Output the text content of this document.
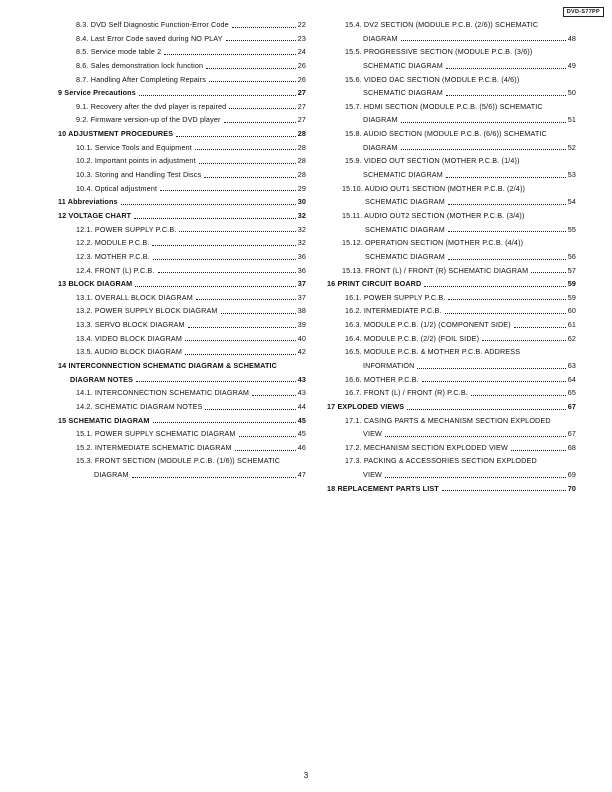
DVD-S77PP
8.3. DVD Self Diagnostic Function-Error Code	22
8.4. Last Error Code saved during NO PLAY	23
8.5. Service mode table 2	24
8.6. Sales demonstration lock function	26
8.7. Handling After Completing Repairs	26
9 Service Precautions	27
9.1. Recovery after the dvd player is repaired	27
9.2. Firmware version-up of the DVD player	27
10 ADJUSTMENT PROCEDURES	28
10.1. Service Tools and Equipment	28
10.2. Important points in adjustment	28
10.3. Storing and Handling Test Discs	28
10.4. Optical adjustment	29
11 Abbreviations	30
12 VOLTAGE CHART	32
12.1. POWER SUPPLY P.C.B.	32
12.2. MODULE P.C.B.	32
12.3. MOTHER P.C.B.	36
12.4. FRONT (L) P.C.B.	36
13 BLOCK DIAGRAM	37
13.1. OVERALL BLOCK DIAGRAM	37
13.2. POWER SUPPLY BLOCK DIAGRAM	38
13.3. SERVO BLOCK DIAGRAM	39
13.4. VIDEO BLOCK DIAGRAM	40
13.5. AUDIO BLOCK DIAGRAM	42
14 INTERCONNECTION SCHEMATIC DIAGRAM & SCHEMATIC
DIAGRAM NOTES	43
14.1. INTERCONNECTION SCHEMATIC DIAGRAM	43
14.2. SCHEMATIC DIAGRAM NOTES	44
15 SCHEMATIC DIAGRAM	45
15.1. POWER SUPPLY SCHEMATIC DIAGRAM	45
15.2. INTERMEDIATE SCHEMATIC DIAGRAM	46
15.3. FRONT SECTION (MODULE P.C.B. (1/6)) SCHEMATIC
DIAGRAM	47
15.4. DV2 SECTION (MODULE P.C.B. (2/6)) SCHEMATIC
DIAGRAM	48
15.5. PROGRESSIVE SECTION (MODULE P.C.B. (3/6))
SCHEMATIC DIAGRAM	49
15.6. VIDEO DAC SECTION (MODULE P.C.B. (4/6))
SCHEMATIC DIAGRAM	50
15.7. HDMI SECTION (MODULE P.C.B. (5/6)) SCHEMATIC
DIAGRAM	51
15.8. AUDIO SECTION (MODULE P.C.B. (6/6)) SCHEMATIC
DIAGRAM	52
15.9. VIDEO OUT SECTION (MOTHER P.C.B. (1/4))
SCHEMATIC DIAGRAM	53
15.10. AUDIO OUT1 SECTION (MOTHER P.C.B. (2/4))
SCHEMATIC DIAGRAM	54
15.11. AUDIO OUT2 SECTION (MOTHER P.C.B. (3/4))
SCHEMATIC DIAGRAM	55
15.12. OPERATION SECTION (MOTHER P.C.B. (4/4))
SCHEMATIC DIAGRAM	56
15.13. FRONT (L) / FRONT (R) SCHEMATIC DIAGRAM	57
16 PRINT CIRCUIT BOARD	59
16.1. POWER SUPPLY P.C.B.	59
16.2. INTERMEDIATE P.C.B.	60
16.3. MODULE P.C.B. (1/2) (COMPONENT SIDE)	61
16.4. MODULE P.C.B. (2/2) (FOIL SIDE)	62
16.5. MODULE P.C.B. & MOTHER P.C.B. ADDRESS
INFORMATION	63
16.6. MOTHER P.C.B.	64
16.7. FRONT (L) / FRONT (R) P.C.B.	65
17 EXPLODED VIEWS	67
17.1. CASING PARTS & MECHANISM SECTION EXPLODED
VIEW	67
17.2. MECHANISM SECTION EXPLODED VIEW	68
17.3. PACKING & ACCESSORIES SECTION EXPLODED
VIEW	69
18 REPLACEMENT PARTS LIST	70
3
